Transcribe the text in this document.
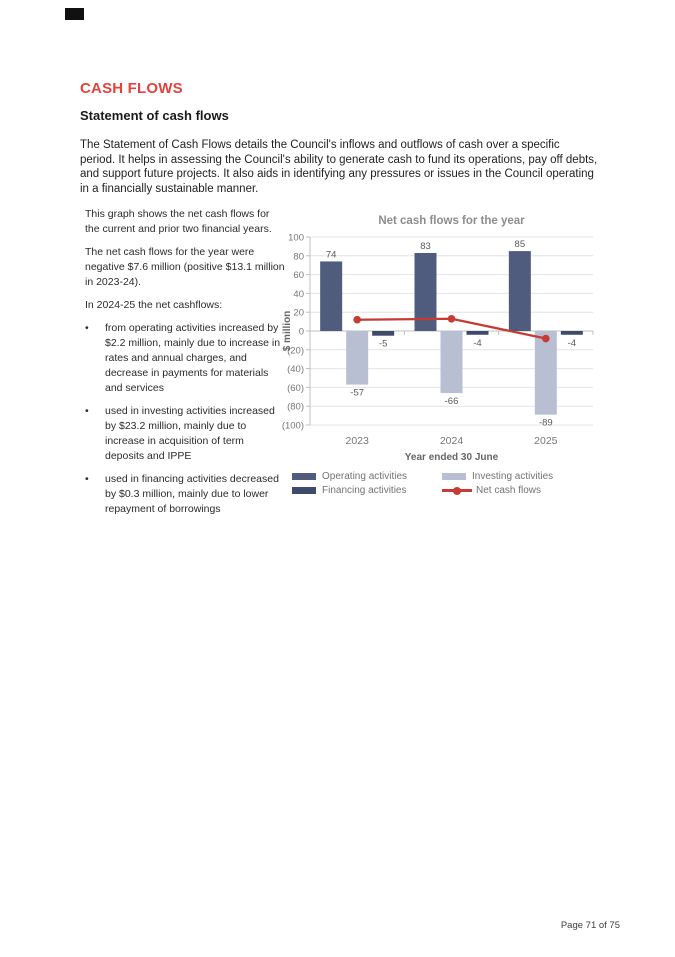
CASH FLOWS
Statement of cash flows

The Statement of Cash Flows details the Council's inflows and outflows of cash over a specific period. It helps in assessing the Council's ability to generate cash to fund its operations, pay off debts, and support future projects. It also aids in identifying any pressures or issues in the Council operating in a financially sustainable manner.

This graph shows the net cash flows for the current and prior two financial years.

The net cash flows for the year were negative $7.6 million (positive $13.1 million in 2023-24).

In 2024-25 the net cashflows:

•	from operating activities increased by $2.2 million, mainly due to increase in rates and annual charges, and decrease in payments for materials and services
•	used in investing activities increased by $23.2 million, mainly due to increase in acquisition of term deposits and IPPE
•	used in financing activities decreased by $0.3 million, mainly due to lower repayment of borrowings
Net cash flows for the year
100
80
60
40
20
0
(20)
(40)
(60)
(80)
(100)
74
83	85
-57
-66
-89
-5	-4	-4
2023	2024	2025
Year ended 30 June
$ million
Operating activities	Investing activities
Financing activities	Net cash flows
Page 71 of 75
